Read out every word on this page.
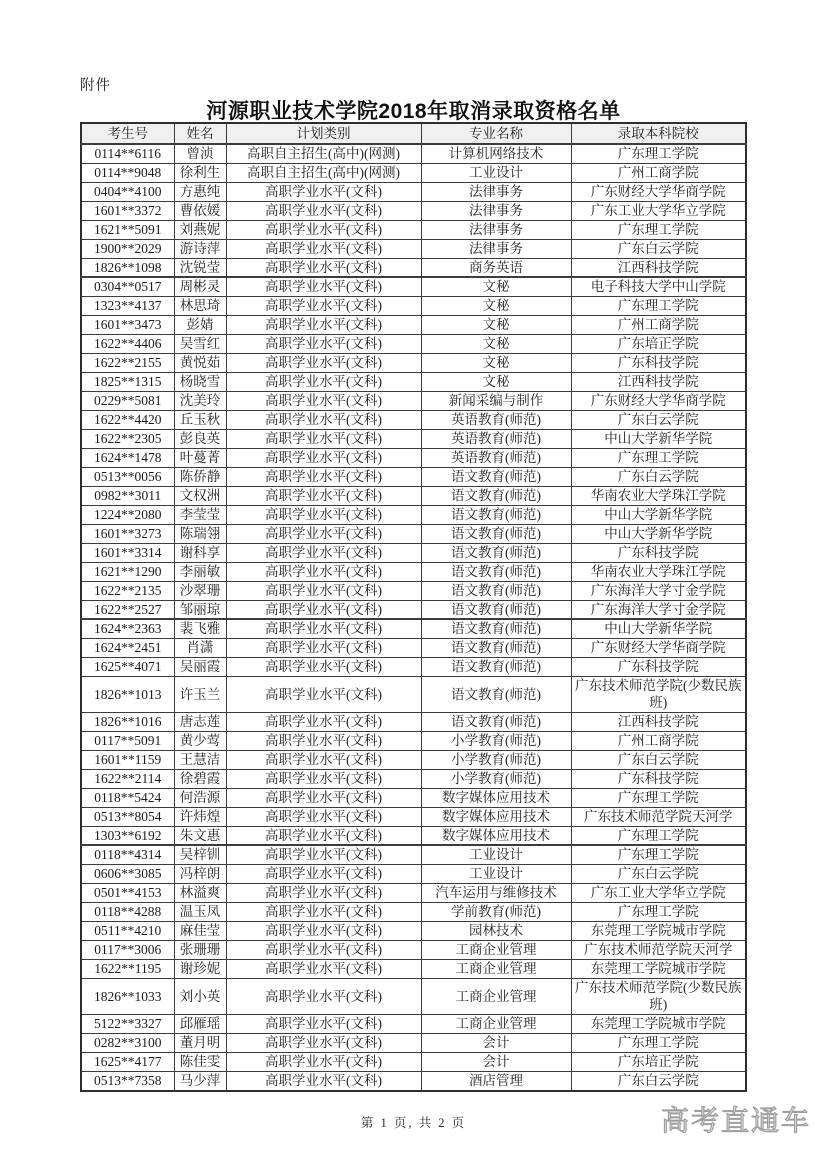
附件
河源职业技术学院2018年取消录取资格名单
考生号	姓名	计划类别	专业名称	录取本科院校
0114**6116	曾浈	高职自主招生(高中)(网测)	计算机网络技术	广东理工学院
0114**9048	徐利生	高职自主招生(高中)(网测)	工业设计	广州工商学院
0404**4100	方惠纯	高职学业水平(文科)	法律事务	广东财经大学华商学院
1601**3372	曹依媛	高职学业水平(文科)	法律事务	广东工业大学华立学院
1621**5091	刘燕妮	高职学业水平(文科)	法律事务	广东理工学院
1900**2029	游诗萍	高职学业水平(文科)	法律事务	广东白云学院
1826**1098	沈锐莹	高职学业水平(文科)	商务英语	江西科技学院
0304**0517	周彬灵	高职学业水平(文科)	文秘	电子科技大学中山学院
1323**4137	林思琦	高职学业水平(文科)	文秘	广东理工学院
1601**3473	彭婧	高职学业水平(文科)	文秘	广州工商学院
1622**4406	吴雪红	高职学业水平(文科)	文秘	广东培正学院
1622**2155	黄悦茹	高职学业水平(文科)	文秘	广东科技学院
1825**1315	杨晓雪	高职学业水平(文科)	文秘	江西科技学院
0229**5081	沈美玲	高职学业水平(文科)	新闻采编与制作	广东财经大学华商学院
1622**4420	丘玉秋	高职学业水平(文科)	英语教育(师范)	广东白云学院
1622**2305	彭良英	高职学业水平(文科)	英语教育(师范)	中山大学新华学院
1624**1478	叶蔓菁	高职学业水平(文科)	英语教育(师范)	广东理工学院
0513**0056	陈侨静	高职学业水平(文科)	语文教育(师范)	广东白云学院
0982**3011	文权洲	高职学业水平(文科)	语文教育(师范)	华南农业大学珠江学院
1224**2080	李莹莹	高职学业水平(文科)	语文教育(师范)	中山大学新华学院
1601**3273	陈瑞翎	高职学业水平(文科)	语文教育(师范)	中山大学新华学院
1601**3314	谢科享	高职学业水平(文科)	语文教育(师范)	广东科技学院
1621**1290	李丽敏	高职学业水平(文科)	语文教育(师范)	华南农业大学珠江学院
1622**2135	沙翠珊	高职学业水平(文科)	语文教育(师范)	广东海洋大学寸金学院
1622**2527	邹丽琼	高职学业水平(文科)	语文教育(师范)	广东海洋大学寸金学院
1624**2363	裴飞雅	高职学业水平(文科)	语文教育(师范)	中山大学新华学院
1624**2451	肖潇	高职学业水平(文科)	语文教育(师范)	广东财经大学华商学院
1625**4071	吴丽霞	高职学业水平(文科)	语文教育(师范)	广东科技学院
1826**1013	许玉兰	高职学业水平(文科)	语文教育(师范)	广东技术师范学院(少数民族班)
1826**1016	唐志莲	高职学业水平(文科)	语文教育(师范)	江西科技学院
0117**5091	黄少莺	高职学业水平(文科)	小学教育(师范)	广州工商学院
1601**1159	王慧洁	高职学业水平(文科)	小学教育(师范)	广东白云学院
1622**2114	徐碧霞	高职学业水平(文科)	小学教育(师范)	广东科技学院
0118**5424	何浩源	高职学业水平(文科)	数字媒体应用技术	广东理工学院
0513**8054	许炜煌	高职学业水平(文科)	数字媒体应用技术	广东技术师范学院天河学
1303**6192	朱文惠	高职学业水平(文科)	数字媒体应用技术	广东理工学院
0118**4314	吴梓钏	高职学业水平(文科)	工业设计	广东理工学院
0606**3085	冯梓朗	高职学业水平(文科)	工业设计	广东白云学院
0501**4153	林溢爽	高职学业水平(文科)	汽车运用与维修技术	广东工业大学华立学院
0118**4288	温玉凤	高职学业水平(文科)	学前教育(师范)	广东理工学院
0511**4210	麻佳莹	高职学业水平(文科)	园林技术	东莞理工学院城市学院
0117**3006	张珊珊	高职学业水平(文科)	工商企业管理	广东技术师范学院天河学
1622**1195	谢珍妮	高职学业水平(文科)	工商企业管理	东莞理工学院城市学院
1826**1033	刘小英	高职学业水平(文科)	工商企业管理	广东技术师范学院(少数民族班)
5122**3327	邱雁瑶	高职学业水平(文科)	工商企业管理	东莞理工学院城市学院
0282**3100	董月明	高职学业水平(文科)	会计	广东理工学院
1625**4177	陈佳雯	高职学业水平(文科)	会计	广东培正学院
0513**7358	马少萍	高职学业水平(文科)	酒店管理	广东白云学院
第 1 页, 共 2 页	高考直通车
